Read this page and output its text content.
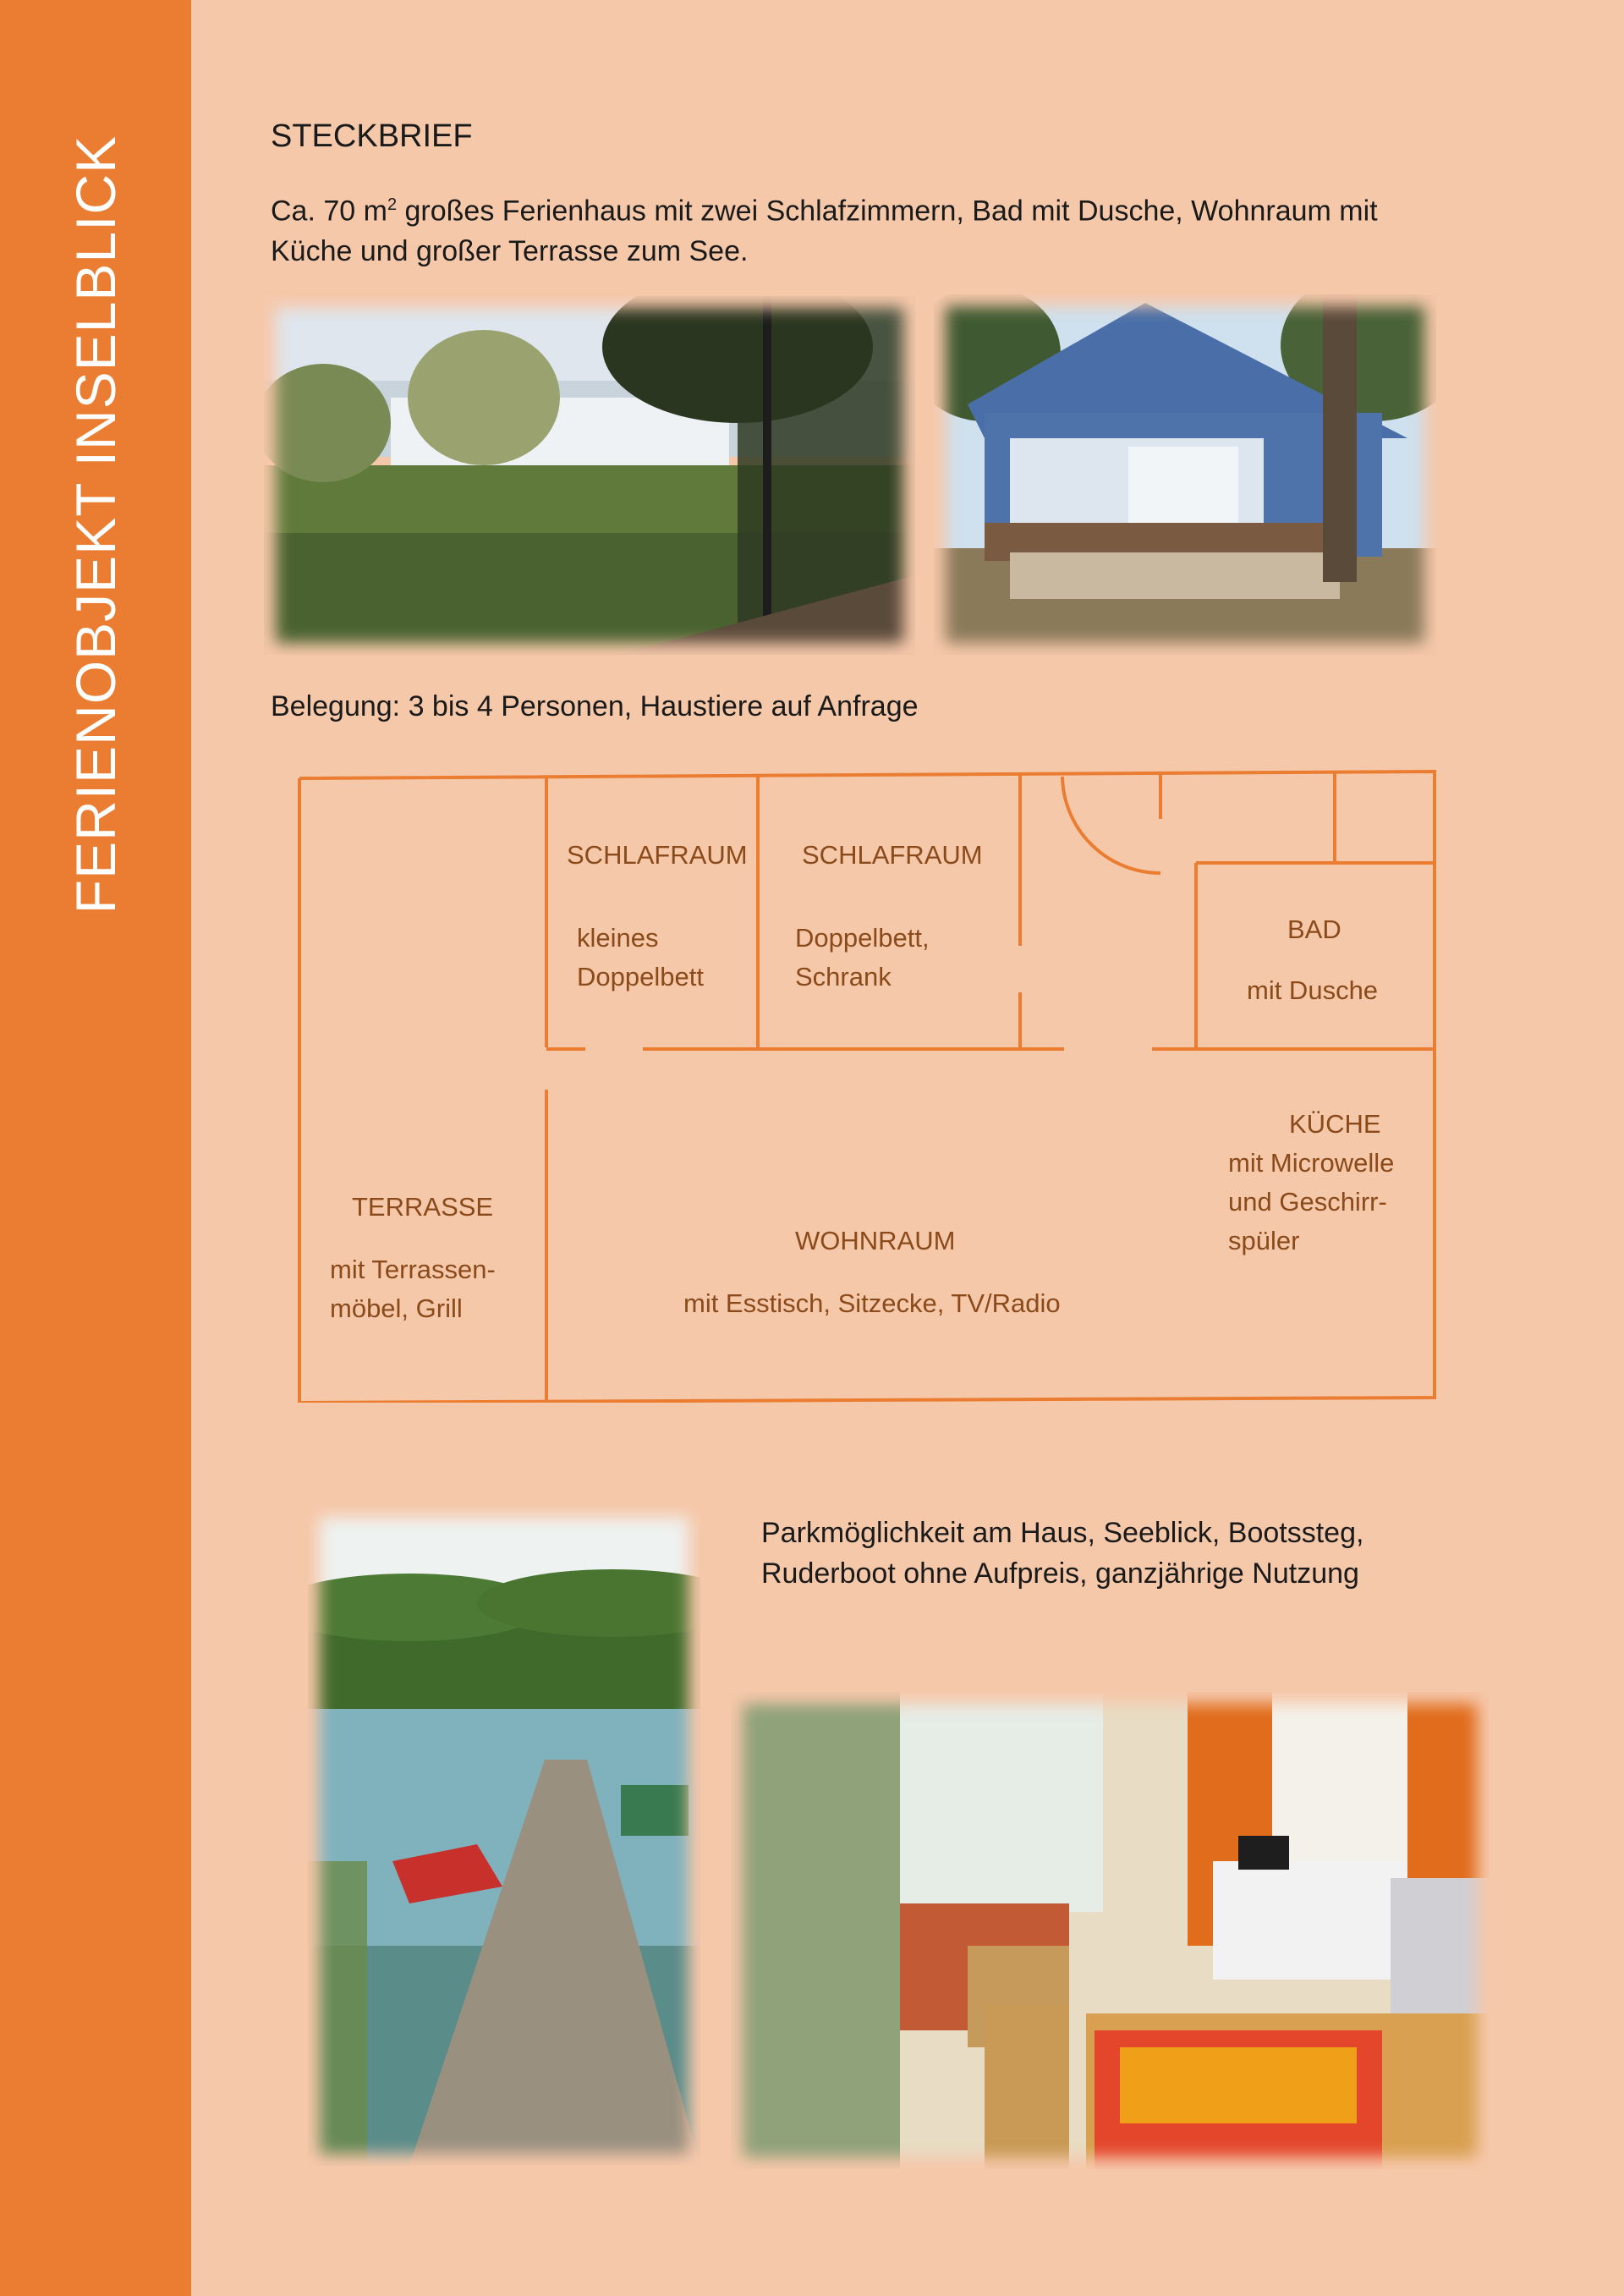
FERIENOBJEKT INSELBLICK	STECKBRIEF
Ca. 70 $m^2$ großes Ferienhaus mit zwei Schlafzimmern, Bad mit Dusche, Wohnraum mit
Küche und großer Terrasse zum See.
Belegung: 3 bis 4 Personen, Haustiere auf Anfrage
SCHLAFRAUM
kleines
Doppelbett
SCHLAFRAUM
Doppelbett,
Schrank
BAD
mit Dusche
KÜCHE
mit Microwelle
und Geschirr-
spüler
TERRASSE
mit Terrassen-
möbel, Grill
WOHNRAUM
mit Esstisch, Sitzecke, TV/Radio
Parkmöglichkeit am Haus, Seeblick, Bootssteg,
Ruderboot ohne Aufpreis, ganzjährige Nutzung
